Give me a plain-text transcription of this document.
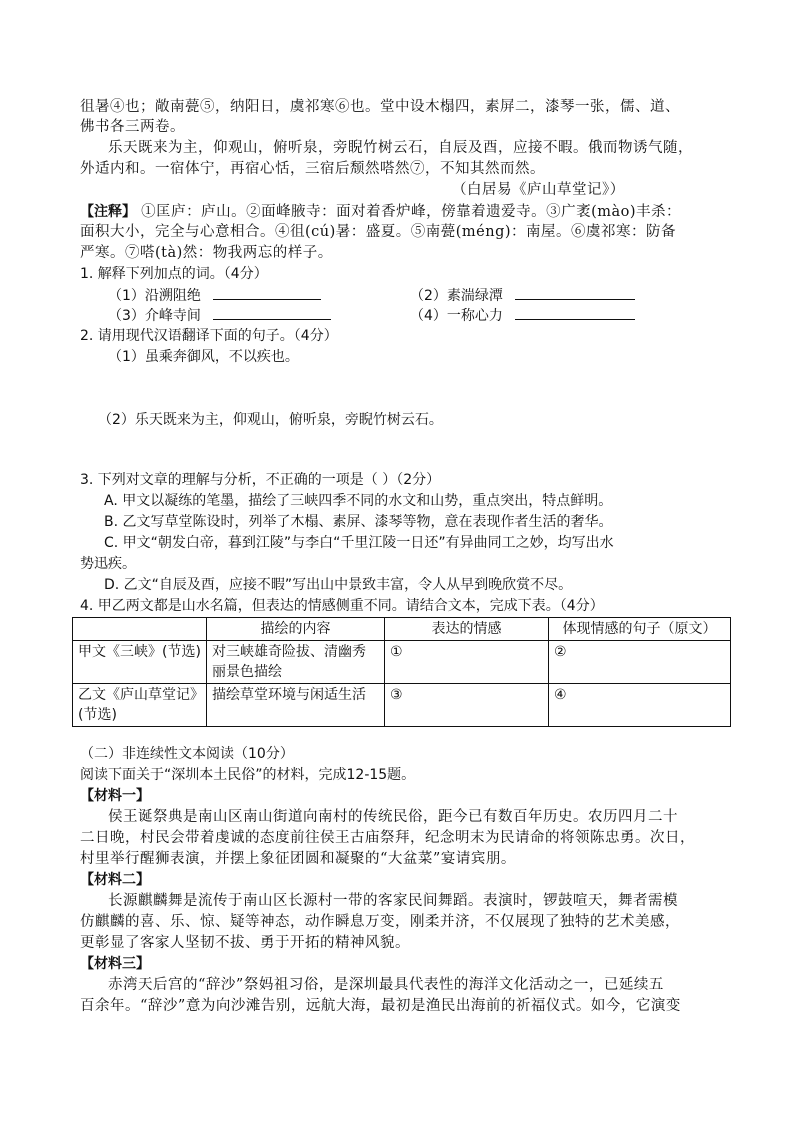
徂暑④也；敞南甍⑤，纳阳日，虞祁寒⑥也。堂中设木榻四，素屏二，漆琴一张，儒、道、
佛书各三两卷。
乐天既来为主，仰观山，俯听泉，旁睨竹树云石，自辰及酉，应接不暇。俄而物诱气随，
外适内和。一宿体宁，再宿心恬，三宿后颓然嗒然⑦，不知其然而然。
（白居易《庐山草堂记》）
【注释】 ①匡庐：庐山。②面峰腋寺：面对着香炉峰，傍靠着遗爱寺。③广袤(mào)丰杀：
面积大小，完全与心意相合。④徂(cú)暑：盛夏。⑤南甍(méng)：南屋。⑥虞祁寒：防备
严寒。⑦嗒(tà)然：物我两忘的样子。
1. 解释下列加点的词。（4分）
（1）沿溯阻绝	（2）素湍绿潭
（3）介峰寺间	（4）一称心力
2. 请用现代汉语翻译下面的句子。（4分）
（1）虽乘奔御风，不以疾也。
（2）乐天既来为主，仰观山，俯听泉，旁睨竹树云石。
3. 下列对文章的理解与分析，不正确的一项是（ ）（2分）
A. 甲文以凝练的笔墨，描绘了三峡四季不同的水文和山势，重点突出，特点鲜明。
B. 乙文写草堂陈设时，列举了木榻、素屏、漆琴等物，意在表现作者生活的奢华。
C. 甲文“朝发白帝，暮到江陵”与李白“千里江陵一日还”有异曲同工之妙，均写出水
势迅疾。
D. 乙文“自辰及酉，应接不暇”写出山中景致丰富，令人从早到晚欣赏不尽。
4. 甲乙两文都是山水名篇，但表达的情感侧重不同。请结合文本，完成下表。（4分）
	描绘的内容	表达的情感	体现情感的句子（原文）
甲文《三峡》(节选)	对三峡雄奇险拔、清幽秀丽景色描绘	①	②
乙文《庐山草堂记》(节选)	描绘草堂环境与闲适生活	③	④
（二）非连续性文本阅读（10分）
阅读下面关于“深圳本土民俗”的材料，完成12-15题。
【材料一】
侯王诞祭典是南山区南山街道向南村的传统民俗，距今已有数百年历史。农历四月二十
二日晚，村民会带着虔诚的态度前往侯王古庙祭拜，纪念明末为民请命的将领陈忠勇。次日，
村里举行醒狮表演，并摆上象征团圆和凝聚的“大盆菜”宴请宾朋。
【材料二】
长源麒麟舞是流传于南山区长源村一带的客家民间舞蹈。表演时，锣鼓喧天，舞者需模
仿麒麟的喜、乐、惊、疑等神态，动作瞬息万变，刚柔并济，不仅展现了独特的艺术美感，
更彰显了客家人坚韧不拔、勇于开拓的精神风貌。
【材料三】
赤湾天后宫的“辞沙”祭妈祖习俗，是深圳最具代表性的海洋文化活动之一，已延续五
百余年。“辞沙”意为向沙滩告别，远航大海，最初是渔民出海前的祈福仪式。如今，它演变
